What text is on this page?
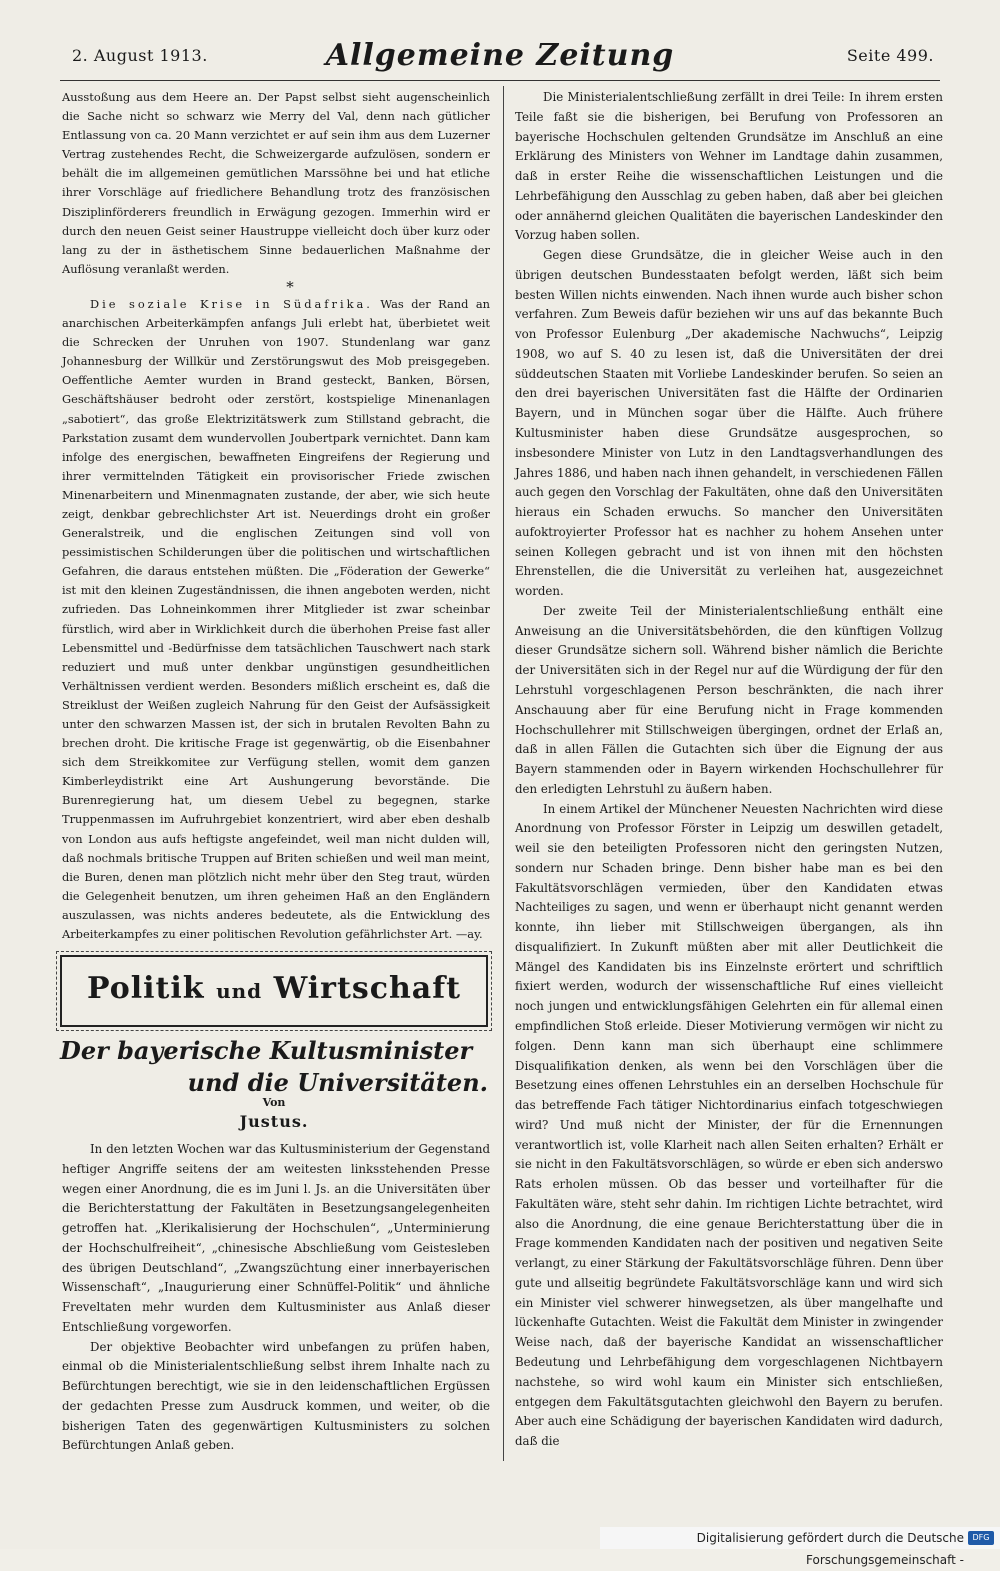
2. August 1913.	Allgemeine Zeitung	Seite 499.

Ausstoßung aus dem Heere an. Der Papst selbst sieht augenscheinlich die Sache nicht so schwarz wie Merry del Val, denn nach gütlicher Entlassung von ca. 20 Mann verzichtet er auf sein ihm aus dem Luzerner Vertrag zustehendes Recht, die Schweizergarde aufzulösen, sondern er behält die im allgemeinen gemütlichen Marssöhne bei und hat etliche ihrer Vorschläge auf friedlichere Behandlung trotz des französischen Disziplinförderers freundlich in Erwägung gezogen. Immerhin wird er durch den neuen Geist seiner Haustruppe vielleicht doch über kurz oder lang zu der in ästhetischem Sinne bedauerlichen Maßnahme der Auflösung veranlaßt werden.

*

Die soziale Krise in Südafrika. Was der Rand an anarchischen Arbeiterkämpfen anfangs Juli erlebt hat, überbietet weit die Schrecken der Unruhen von 1907. Stundenlang war ganz Johannesburg der Willkür und Zerstörungswut des Mob preisgegeben. Oeffentliche Aemter wurden in Brand gesteckt, Banken, Börsen, Geschäftshäuser bedroht oder zerstört, kostspielige Minenanlagen „sabotiert“, das große Elektrizitätswerk zum Stillstand gebracht, die Parkstation zusamt dem wundervollen Joubertpark vernichtet. Dann kam infolge des energischen, bewaffneten Eingreifens der Regierung und ihrer vermittelnden Tätigkeit ein provisorischer Friede zwischen Minenarbeitern und Minenmagnaten zustande, der aber, wie sich heute zeigt, denkbar gebrechlichster Art ist. Neuerdings droht ein großer Generalstreik, und die englischen Zeitungen sind voll von pessimistischen Schilderungen über die politischen und wirtschaftlichen Gefahren, die daraus entstehen müßten. Die „Föderation der Gewerke“ ist mit den kleinen Zugeständnissen, die ihnen angeboten werden, nicht zufrieden. Das Lohneinkommen ihrer Mitglieder ist zwar scheinbar fürstlich, wird aber in Wirklichkeit durch die überhohen Preise fast aller Lebensmittel und -Bedürfnisse dem tatsächlichen Tauschwert nach stark reduziert und muß unter denkbar ungünstigen gesundheitlichen Verhältnissen verdient werden. Besonders mißlich erscheint es, daß die Streiklust der Weißen zugleich Nahrung für den Geist der Aufsässigkeit unter den schwarzen Massen ist, der sich in brutalen Revolten Bahn zu brechen droht. Die kritische Frage ist gegenwärtig, ob die Eisenbahner sich dem Streikkomitee zur Verfügung stellen, womit dem ganzen Kimberleydistrikt eine Art Aushungerung bevorstände. Die Burenregierung hat, um diesem Uebel zu begegnen, starke Truppenmassen im Aufruhrgebiet konzentriert, wird aber eben deshalb von London aus aufs heftigste angefeindet, weil man nicht dulden will, daß nochmals britische Truppen auf Briten schießen und weil man meint, die Buren, denen man plötzlich nicht mehr über den Steg traut, würden die Gelegenheit benutzen, um ihren geheimen Haß an den Engländern auszulassen, was nichts anderes bedeutete, als die Entwicklung des Arbeiterkampfes zu einer politischen Revolution gefährlichster Art. —ay.

Politik und Wirtschaft
Der bayerische Kultusminister
und die Universitäten.
Von
Justus.

In den letzten Wochen war das Kultusministerium der Gegenstand heftiger Angriffe seitens der am weitesten linksstehenden Presse wegen einer Anordnung, die es im Juni l. Js. an die Universitäten über die Berichterstattung der Fakultäten in Besetzungsangelegenheiten getroffen hat. „Klerikalisierung der Hochschulen“, „Unterminierung der Hochschulfreiheit“, „chinesische Abschließung vom Geistesleben des übrigen Deutschland“, „Zwangszüchtung einer innerbayerischen Wissenschaft“, „Inaugurierung einer Schnüffel-Politik“ und ähnliche Freveltaten mehr wurden dem Kultusminister aus Anlaß dieser Entschließung vorgeworfen.

Der objektive Beobachter wird unbefangen zu prüfen haben, einmal ob die Ministerialentschließung selbst ihrem Inhalte nach zu Befürchtungen berechtigt, wie sie in den leidenschaftlichen Ergüssen der gedachten Presse zum Ausdruck kommen, und weiter, ob die bisherigen Taten des gegenwärtigen Kultusministers zu solchen Befürchtungen Anlaß geben.

Die Ministerialentschließung zerfällt in drei Teile: In ihrem ersten Teile faßt sie die bisherigen, bei Berufung von Professoren an bayerische Hochschulen geltenden Grundsätze im Anschluß an eine Erklärung des Ministers von Wehner im Landtage dahin zusammen, daß in erster Reihe die wissenschaftlichen Leistungen und die Lehrbefähigung den Ausschlag zu geben haben, daß aber bei gleichen oder annähernd gleichen Qualitäten die bayerischen Landeskinder den Vorzug haben sollen.

Gegen diese Grundsätze, die in gleicher Weise auch in den übrigen deutschen Bundesstaaten befolgt werden, läßt sich beim besten Willen nichts einwenden. Nach ihnen wurde auch bisher schon verfahren. Zum Beweis dafür beziehen wir uns auf das bekannte Buch von Professor Eulenburg „Der akademische Nachwuchs“, Leipzig 1908, wo auf S. 40 zu lesen ist, daß die Universitäten der drei süddeutschen Staaten mit Vorliebe Landeskinder berufen. So seien an den drei bayerischen Universitäten fast die Hälfte der Ordinarien Bayern, und in München sogar über die Hälfte. Auch frühere Kultusminister haben diese Grundsätze ausgesprochen, so insbesondere Minister von Lutz in den Landtagsverhandlungen des Jahres 1886, und haben nach ihnen gehandelt, in verschiedenen Fällen auch gegen den Vorschlag der Fakultäten, ohne daß den Universitäten hieraus ein Schaden erwuchs. So mancher den Universitäten aufoktroyierter Professor hat es nachher zu hohem Ansehen unter seinen Kollegen gebracht und ist von ihnen mit den höchsten Ehrenstellen, die die Universität zu verleihen hat, ausgezeichnet worden.

Der zweite Teil der Ministerialentschließung enthält eine Anweisung an die Universitätsbehörden, die den künftigen Vollzug dieser Grundsätze sichern soll. Während bisher nämlich die Berichte der Universitäten sich in der Regel nur auf die Würdigung der für den Lehrstuhl vorgeschlagenen Person beschränkten, die nach ihrer Anschauung aber für eine Berufung nicht in Frage kommenden Hochschullehrer mit Stillschweigen übergingen, ordnet der Erlaß an, daß in allen Fällen die Gutachten sich über die Eignung der aus Bayern stammenden oder in Bayern wirkenden Hochschullehrer für den erledigten Lehrstuhl zu äußern haben.

In einem Artikel der Münchener Neuesten Nachrichten wird diese Anordnung von Professor Förster in Leipzig um deswillen getadelt, weil sie den beteiligten Professoren nicht den geringsten Nutzen, sondern nur Schaden bringe. Denn bisher habe man es bei den Fakultätsvorschlägen vermieden, über den Kandidaten etwas Nachteiliges zu sagen, und wenn er überhaupt nicht genannt werden konnte, ihn lieber mit Stillschweigen übergangen, als ihn disqualifiziert. In Zukunft müßten aber mit aller Deutlichkeit die Mängel des Kandidaten bis ins Einzelnste erörtert und schriftlich fixiert werden, wodurch der wissenschaftliche Ruf eines vielleicht noch jungen und entwicklungsfähigen Gelehrten ein für allemal einen empfindlichen Stoß erleide. Dieser Motivierung vermögen wir nicht zu folgen. Denn kann man sich überhaupt eine schlimmere Disqualifikation denken, als wenn bei den Vorschlägen über die Besetzung eines offenen Lehrstuhles ein an derselben Hochschule für das betreffende Fach tätiger Nichtordinarius einfach totgeschwiegen wird? Und muß nicht der Minister, der für die Ernennungen verantwortlich ist, volle Klarheit nach allen Seiten erhalten? Erhält er sie nicht in den Fakultätsvorschlägen, so würde er eben sich anderswo Rats erholen müssen. Ob das besser und vorteilhafter für die Fakultäten wäre, steht sehr dahin. Im richtigen Lichte betrachtet, wird also die Anordnung, die eine genaue Berichterstattung über die in Frage kommenden Kandidaten nach der positiven und negativen Seite verlangt, zu einer Stärkung der Fakultätsvorschläge führen. Denn über gute und allseitig begründete Fakultätsvorschläge kann und wird sich ein Minister viel schwerer hinwegsetzen, als über mangelhafte und lückenhafte Gutachten. Weist die Fakultät dem Minister in zwingender Weise nach, daß der bayerische Kandidat an wissenschaftlicher Bedeutung und Lehrbefähigung dem vorgeschlagenen Nichtbayern nachstehe, so wird wohl kaum ein Minister sich entschließen, entgegen dem Fakultätsgutachten gleichwohl den Bayern zu berufen. Aber auch eine Schädigung der bayerischen Kandidaten wird dadurch, daß die

Digitalisierung gefördert durch die Deutsche Forschungsgemeinschaft -
DFG
